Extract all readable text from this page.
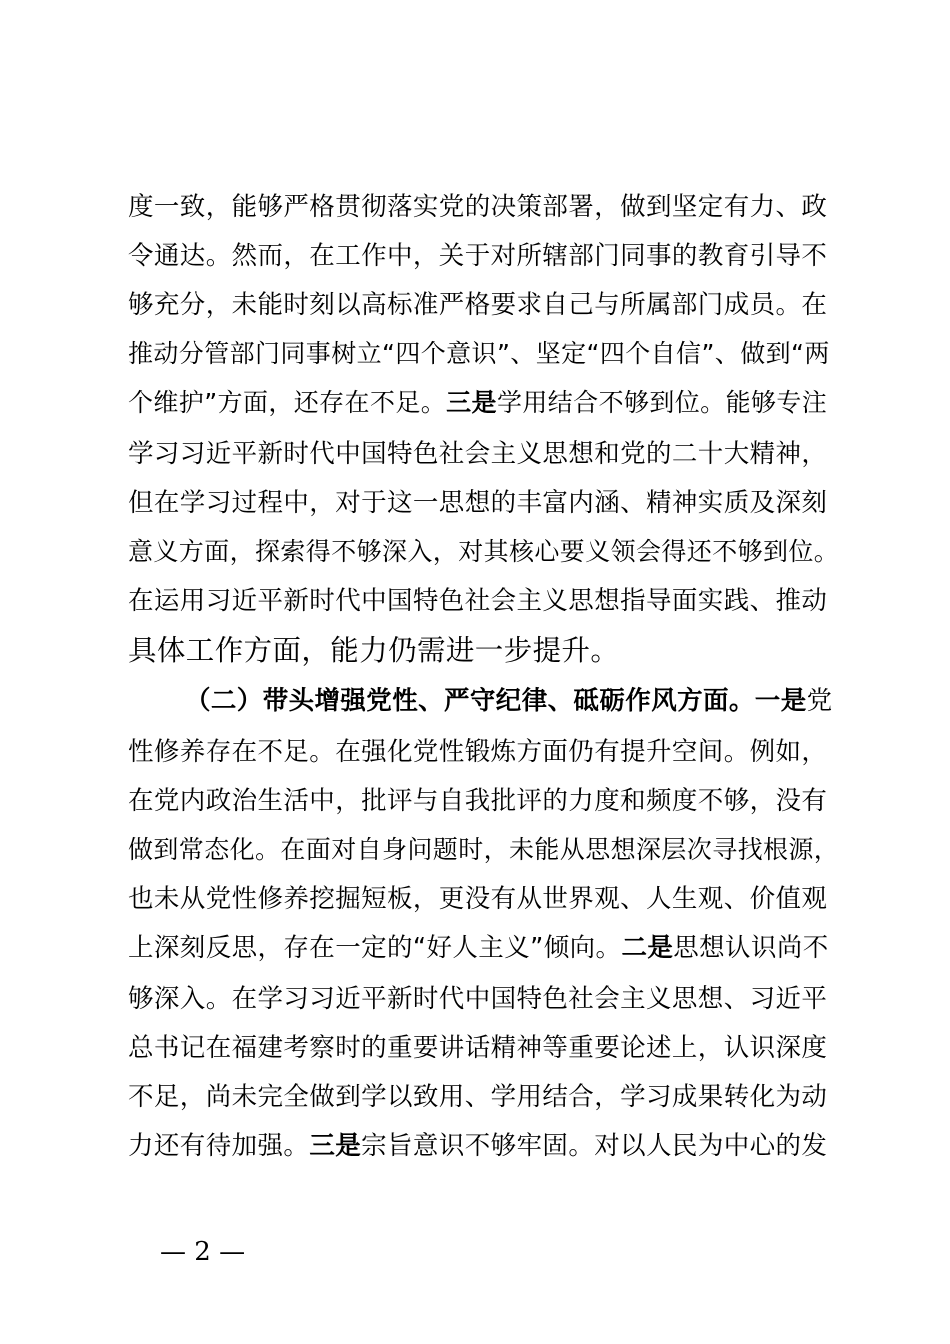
度一致，能够严格贯彻落实党的决策部署，做到坚定有力、政
令通达。然而，在工作中，关于对所辖部门同事的教育引导不
够充分，未能时刻以高标准严格要求自己与所属部门成员。在
推动分管部门同事树立“四个意识”、坚定“四个自信”、做到“两
个维护”方面，还存在不足。三是学用结合不够到位。能够专注
学习习近平新时代中国特色社会主义思想和党的二十大精神，
但在学习过程中，对于这一思想的丰富内涵、精神实质及深刻
意义方面，探索得不够深入，对其核心要义领会得还不够到位。
在运用习近平新时代中国特色社会主义思想指导面实践、推动
具体工作方面，能力仍需进一步提升。
（二）带头增强党性、严守纪律、砥砺作风方面。一是党
性修养存在不足。在强化党性锻炼方面仍有提升空间。例如，
在党内政治生活中，批评与自我批评的力度和频度不够，没有
做到常态化。在面对自身问题时，未能从思想深层次寻找根源，
也未从党性修养挖掘短板，更没有从世界观、人生观、价值观
上深刻反思，存在一定的“好人主义”倾向。二是思想认识尚不
够深入。在学习习近平新时代中国特色社会主义思想、习近平
总书记在福建考察时的重要讲话精神等重要论述上，认识深度
不足，尚未完全做到学以致用、学用结合，学习成果转化为动
力还有待加强。三是宗旨意识不够牢固。对以人民为中心的发
— 2 —
